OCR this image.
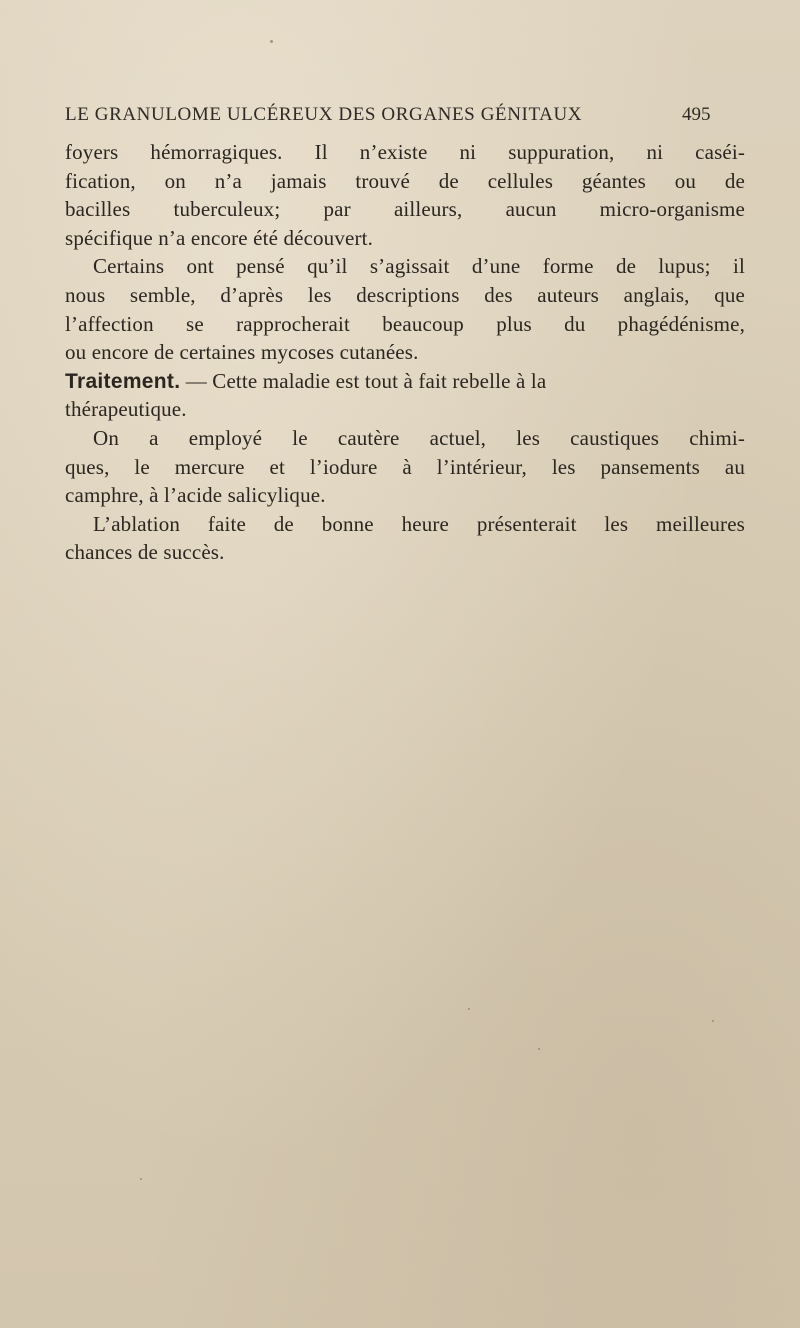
LE GRANULOME ULCÉREUX DES ORGANES GÉNITAUX	495
foyers hémorragiques. Il n’existe ni suppuration, ni caséi-
fication, on n’a jamais trouvé de cellules géantes ou de
bacilles tuberculeux; par ailleurs, aucun micro-organisme
spécifique n’a encore été découvert.
Certains ont pensé qu’il s’agissait d’une forme de lupus; il
nous semble, d’après les descriptions des auteurs anglais, que
l’affection se rapprocherait beaucoup plus du phagédénisme,
ou encore de certaines mycoses cutanées.
Traitement. — Cette maladie est tout à fait rebelle à la
thérapeutique.
On a employé le cautère actuel, les caustiques chimi-
ques, le mercure et l’iodure à l’intérieur, les pansements au
camphre, à l’acide salicylique.
L’ablation faite de bonne heure présenterait les meilleures
chances de succès.
